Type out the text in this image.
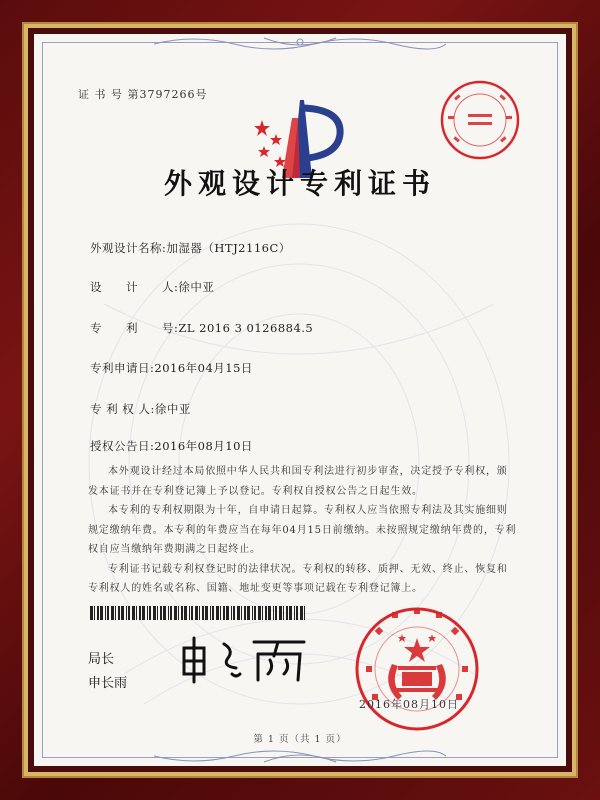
证 书 号 第3797266号
外观设计专利证书
外观设计名称:加湿器（HTJ2116C）
设　　计　　人:徐中亚
专　　利　　号:ZL 2016 3 0126884.5
专利申请日:2016年04月15日
专 利 权 人:徐中亚
授权公告日:2016年08月10日

本外观设计经过本局依照中华人民共和国专利法进行初步审查，决定授予专利权，颁发本证书并在专利登记簿上予以登记。专利权自授权公告之日起生效。

本专利的专利权期限为十年，自申请日起算。专利权人应当依照专利法及其实施细则规定缴纳年费。本专利的年费应当在每年04月15日前缴纳。未按照规定缴纳年费的，专利权自应当缴纳年费期满之日起终止。

专利证书记载专利权登记时的法律状况。专利权的转移、质押、无效、终止、恢复和专利权人的姓名或名称、国籍、地址变更等事项记载在专利登记簿上。

局长
申长雨
2016年08月10日
第 1 页（共 1 页）
